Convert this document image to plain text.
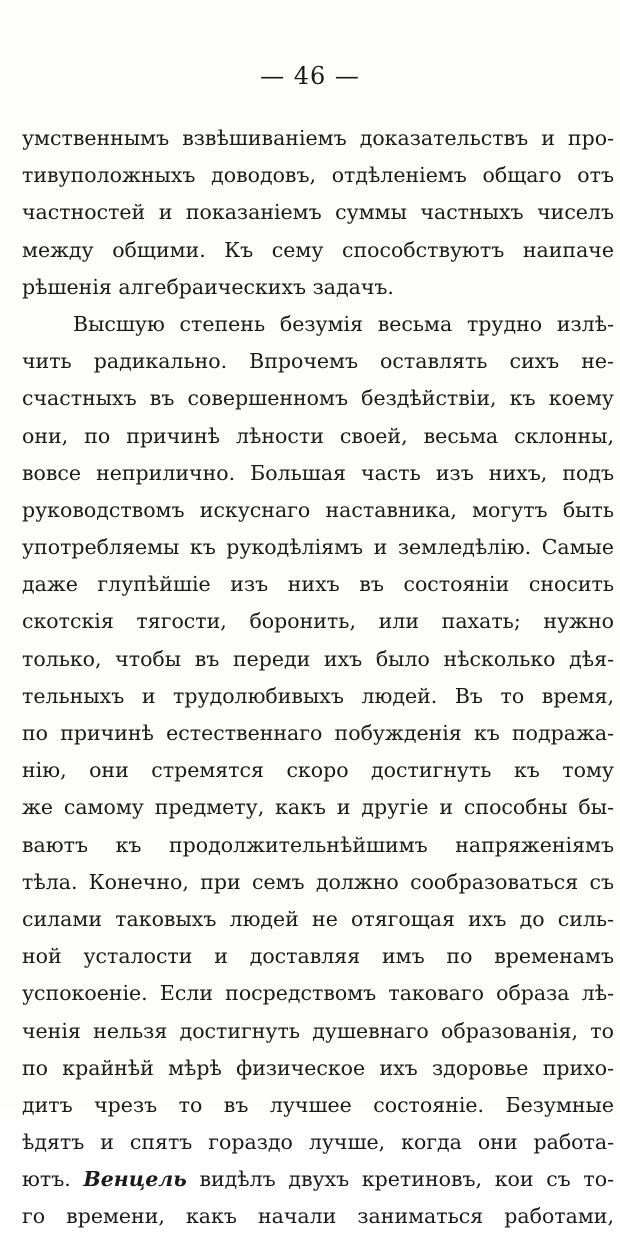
— 46 —
умственнымъ взвѣшиваніемъ доказательствъ и про-
тивуположныхъ доводовъ, отдѣленіемъ общаго отъ
частностей и показаніемъ суммы частныхъ чиселъ
между общими. Къ сему способствуютъ наипаче
рѣшенія алгебраическихъ задачъ.
Высшую степень безумія весьма трудно излѣ-
чить радикально. Впрочемъ оставлять сихъ не-
счастныхъ въ совершенномъ бездѣйствіи, къ коему
они, по причинѣ лѣности своей, весьма склонны,
вовсе неприлично. Большая часть изъ нихъ, подъ
руководствомъ искуснаго наставника, могутъ быть
употребляемы къ рукодѣліямъ и земледѣлію. Самые
даже глупѣйшіе изъ нихъ въ состояніи сносить
скотскія тягости, боронить, или пахать; нужно
только, чтобы въ переди ихъ было нѣсколько дѣя-
тельныхъ и трудолюбивыхъ людей. Въ то время,
по причинѣ естественнаго побужденія къ подража-
нію, они стремятся скоро достигнуть къ тому
же самому предмету, какъ и другіе и способны бы-
ваютъ къ продолжительнѣйшимъ напряженіямъ
тѣла. Конечно, при семъ должно сообразоваться съ
силами таковыхъ людей не отягощая ихъ до силь-
ной усталости и доставляя имъ по временамъ
успокоеніе. Если посредствомъ таковаго образа лѣ-
ченія нельзя достигнуть душевнаго образованія, то
по крайнѣй мѣрѣ физическое ихъ здоровье прихо-
дитъ чрезъ то въ лучшее состояніе. Безумные
ѣдятъ и спятъ гораздо лучше, когда они работа-
ютъ. Венцель видѣлъ двухъ кретиновъ, кои съ то-
го времени, какъ начали заниматься работами,
